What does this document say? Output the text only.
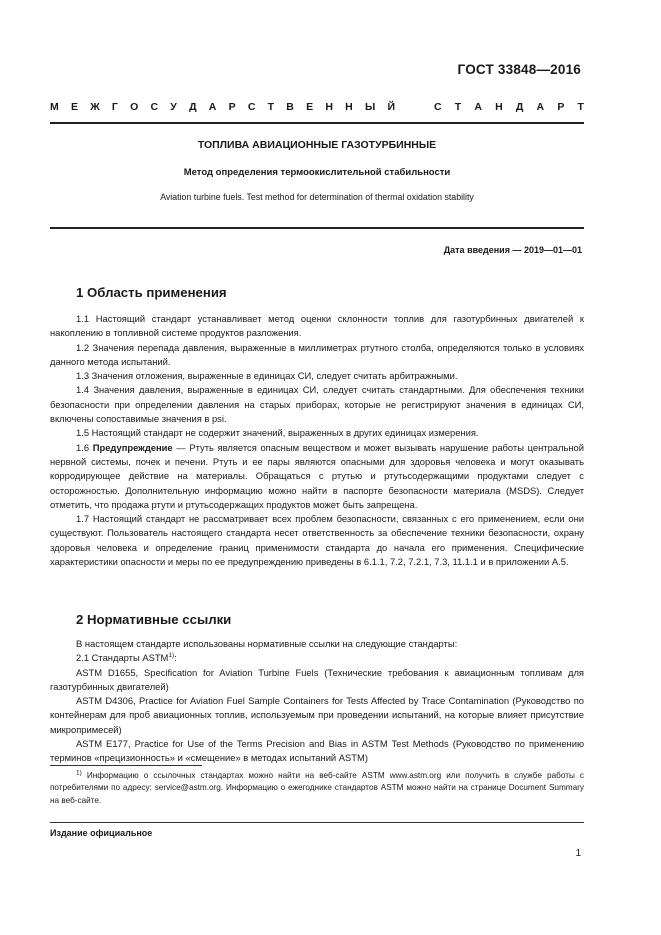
ГОСТ 33848—2016
М Е Ж Г О С У Д А Р С Т В Е Н Н Ы Й	С Т А Н Д А Р Т
ТОПЛИВА АВИАЦИОННЫЕ ГАЗОТУРБИННЫЕ
Метод определения термоокислительной стабильности
Aviation turbine fuels. Test method for determination of thermal oxidation stability
Дата введения — 2019—01—01
1 Область применения

1.1 Настоящий стандарт устанавливает метод оценки склонности топлив для газотурбинных двигателей к накоплению в топливной системе продуктов разложения.

1.2 Значения перепада давления, выраженные в миллиметрах ртутного столба, определяются только в условиях данного метода испытаний.

1.3 Значения отложения, выраженные в единицах СИ, следует считать арбитражными.

1.4 Значения давления, выраженные в единицах СИ, следует считать стандартными. Для обеспечения техники безопасности при определении давления на старых приборах, которые не регистрируют значения в единицах СИ, включены сопоставимые значения в psi.

1.5 Настоящий стандарт не содержит значений, выраженных в других единицах измерения.

1.6 Предупреждение — Ртуть является опасным веществом и может вызывать нарушение работы центральной нервной системы, почек и печени. Ртуть и ее пары являются опасными для здоровья человека и могут оказывать корродирующее действие на материалы. Обращаться с ртутью и ртутьсодержащими продуктами следует с осторожностью. Дополнительную информацию можно найти в паспорте безопасности материала (MSDS). Следует отметить, что продажа ртути и ртутьсодержащих продуктов может быть запрещена.

1.7 Настоящий стандарт не рассматривает всех проблем безопасности, связанных с его применением, если они существуют. Пользователь настоящего стандарта несет ответственность за обеспечение техники безопасности, охрану здоровья человека и определение границ применимости стандарта до начала его применения. Специфические характеристики опасности и меры по ее предупреждению приведены в 6.1.1, 7.2, 7.2.1, 7.3, 11.1.1 и в приложении А.5.

2 Нормативные ссылки

В настоящем стандарте использованы нормативные ссылки на следующие стандарты:

2.1 Стандарты ASTM$^{1)}$:

ASTM D1655, Specification for Aviation Turbine Fuels (Технические требования к авиационным топливам для газотурбинных двигателей)

ASTM D4306, Practice for Aviation Fuel Sample Containers for Tests Affected by Trace Contamination (Руководство по контейнерам для проб авиационных топлив, используемым при проведении испытаний, на которые влияет присутствие микропримесей)

ASTM E177, Practice for Use of the Terms Precision and Bias in ASTM Test Methods (Руководство по применению терминов «прецизионность» и «смещение» в методах испытаний ASTM)

$^{1)}$ Информацию о ссылочных стандартах можно найти на веб-сайте ASTM www.astm.org или получить в службе работы с потребителями по адресу: service@astm.org. Информацию о ежегоднике стандартов ASTM можно найти на странице Document Summary на веб-сайте.

Издание официальное
1
